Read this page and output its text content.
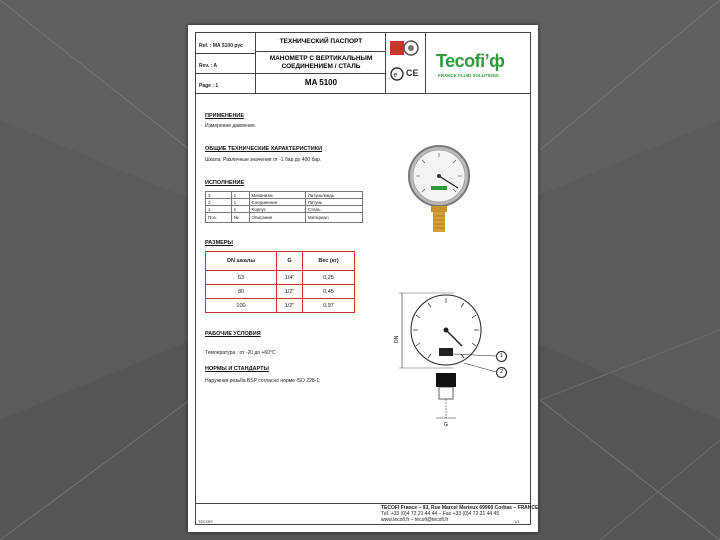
Ref. : MA 5100 рус
Rev. : A
Page : 1
ТЕХНИЧЕСКИЙ ПАСПОРТ
МАНОМЕТР С ВЕРТИКАЛЬНЫМ
СОЕДИНЕНИЕМ / СТАЛЬ
MA 5100
e CE
Tecofi’ф
FRANCE FLUID SOLUTIONS
ПРИМЕНЕНИЕ
Измерение давления.
ОБЩИЕ ТЕХНИЧЕСКИЕ ХАРАКТЕРИСТИКИ
Шкала: Различные значения от -1 бар до 400 бар.
ИСПОЛНЕНИЕ
3	1	Механизм	Латунь/медь
2	1	Соединение	Латунь
1	1	Корпус	Сталь
Поз.	№	Описание	Материал
РАЗМЕРЫ
DN шкалы	G	Вес (кг)
63	1/4"	0,25
80	1/2"	0,45
100	1/2"	0,97
РАБОЧИЕ УСЛОВИЯ
Температура : от -20 до +60°C
НОРМЫ И СТАНДАРТЫ
Наружная резьба BSP согласно норме ISO 228-1.
DN
1
2
G
TECOFI France – 93, Rue Marcel Merieux 69960 Corbas – FRANCE
Tél. +33 (0)4 72 21 44 44 – Fax +33 (0)4 72 21 44 45
www.tecofi.fr – tecofi@tecofi.fr
TECOFI	1/1
